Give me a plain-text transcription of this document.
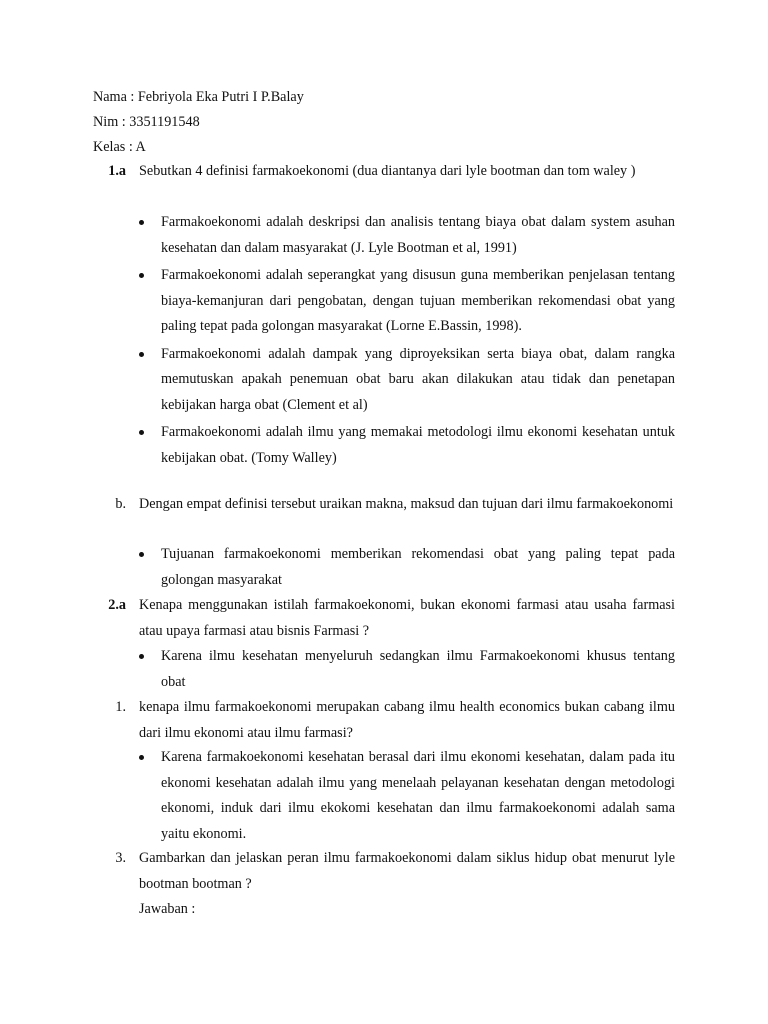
Nama : Febriyola Eka Putri I P.Balay
Nim : 3351191548
Kelas : A
1.a Sebutkan 4 definisi farmakoekonomi (dua diantanya dari lyle bootman dan tom waley )
Farmakoekonomi adalah deskripsi dan analisis tentang biaya obat dalam system asuhan kesehatan dan dalam masyarakat (J. Lyle Bootman et al, 1991)
Farmakoekonomi adalah seperangkat yang disusun guna memberikan penjelasan tentang biaya-kemanjuran dari pengobatan, dengan tujuan memberikan rekomendasi obat yang paling tepat pada golongan masyarakat (Lorne E.Bassin, 1998).
Farmakoekonomi adalah dampak yang diproyeksikan serta biaya obat, dalam rangka memutuskan apakah penemuan obat baru akan dilakukan atau tidak dan penetapan kebijakan harga obat (Clement et al)
Farmakoekonomi adalah ilmu yang memakai metodologi ilmu ekonomi kesehatan untuk kebijakan obat. (Tomy Walley)
b. Dengan empat definisi tersebut uraikan makna, maksud dan tujuan dari ilmu farmakoekonomi
Tujuanan farmakoekonomi memberikan rekomendasi obat yang paling tepat pada golongan masyarakat
2.a Kenapa menggunakan istilah farmakoekonomi, bukan ekonomi farmasi atau usaha farmasi atau upaya farmasi atau bisnis Farmasi ?
Karena ilmu kesehatan menyeluruh sedangkan ilmu Farmakoekonomi khusus tentang obat
1. kenapa ilmu farmakoekonomi merupakan cabang ilmu health economics bukan cabang ilmu dari ilmu ekonomi atau ilmu farmasi?
Karena farmakoekonomi kesehatan berasal dari ilmu ekonomi kesehatan, dalam pada itu ekonomi kesehatan adalah ilmu yang menelaah pelayanan kesehatan dengan metodologi ekonomi, induk dari ilmu ekokomi kesehatan dan ilmu farmakoekonomi adalah sama yaitu ekonomi.
3. Gambarkan dan jelaskan peran ilmu farmakoekonomi dalam siklus hidup obat menurut lyle bootman bootman ?
Jawaban :
